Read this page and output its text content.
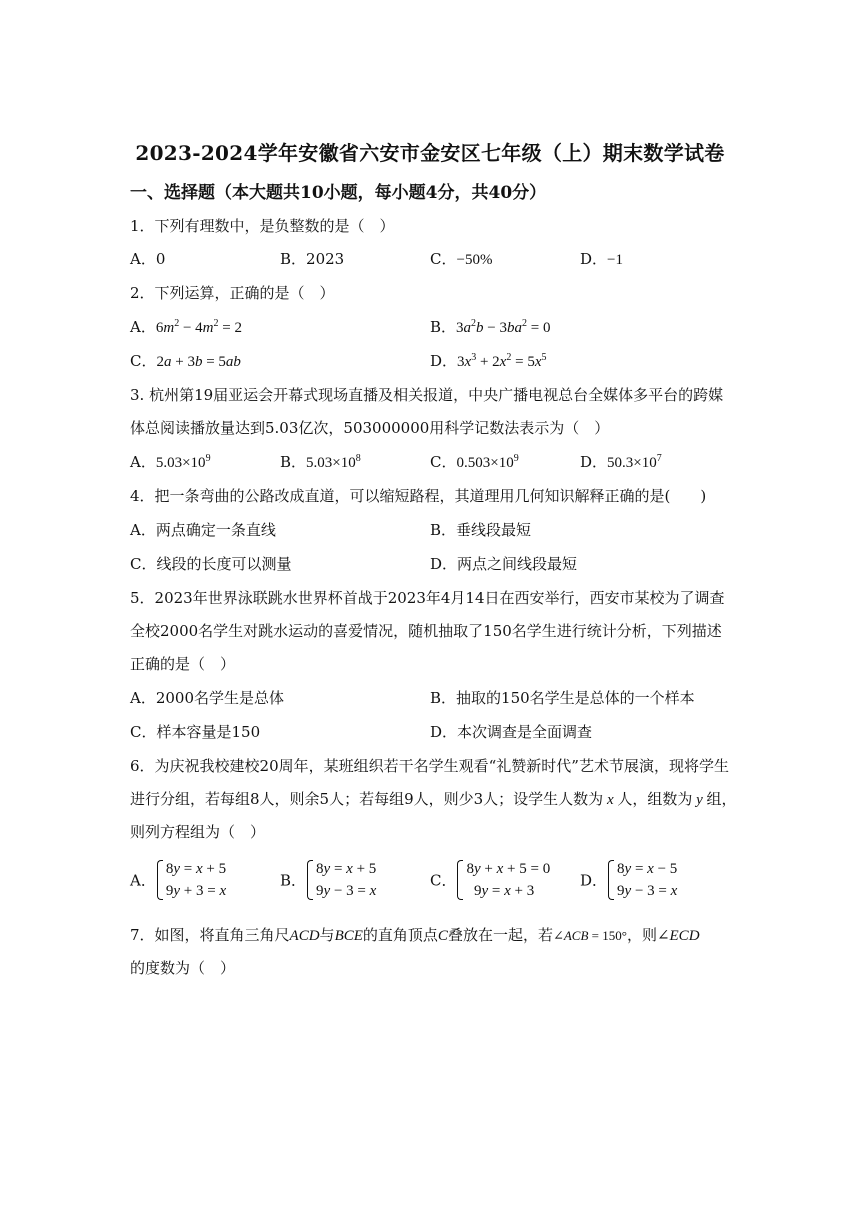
2023-2024学年安徽省六安市金安区七年级（上）期末数学试卷
一、选择题（本大题共10小题，每小题4分，共40分）
1．下列有理数中，是负整数的是（　）
A．0	B．2023	C．−50%	D．−1
2．下列运算，正确的是（　）
A．$6m^2 - 4m^2 = 2$	B．$3a^2b - 3ba^2 = 0$
C．2a + 3b = 5ab	D．$3x^3 + 2x^2 = 5x^5$
3. 杭州第19届亚运会开幕式现场直播及相关报道，中央广播电视总台全媒体多平台的跨媒
体总阅读播放量达到5.03亿次，503000000用科学记数法表示为（　）
A．$5.03\times 10^9$	B．$5.03\times 10^8$	C．$0.503\times 10^9$	D．$50.3\times 10^7$
4．把一条弯曲的公路改成直道，可以缩短路程，其道理用几何知识解释正确的是(　　)
A．两点确定一条直线	B．垂线段最短
C．线段的长度可以测量	D．两点之间线段最短
5．2023年世界泳联跳水世界杯首战于2023年4月14日在西安举行，西安市某校为了调查
全校2000名学生对跳水运动的喜爱情况，随机抽取了150名学生进行统计分析，下列描述
正确的是（　）
A．2000名学生是总体	B．抽取的150名学生是总体的一个样本
C．样本容量是150	D．本次调查是全面调查
6．为庆祝我校建校20周年，某班组织若干名学生观看“礼赞新时代”艺术节展演，现将学生
进行分组，若每组8人，则余5人；若每组9人，则少3人；设学生人数为 x 人，组数为 y 组，
则列方程组为（　）
A．
8y = x + 5
9y + 3 = x
B．
8y = x + 5
9y − 3 = x
C．
8y + x + 5 = 0
9y = x + 3
D．
8y = x − 5
9y − 3 = x
7．如图，将直角三角尺ACD与BCE的直角顶点C叠放在一起，若∠ACB = 150°，则∠ECD
的度数为（　）
